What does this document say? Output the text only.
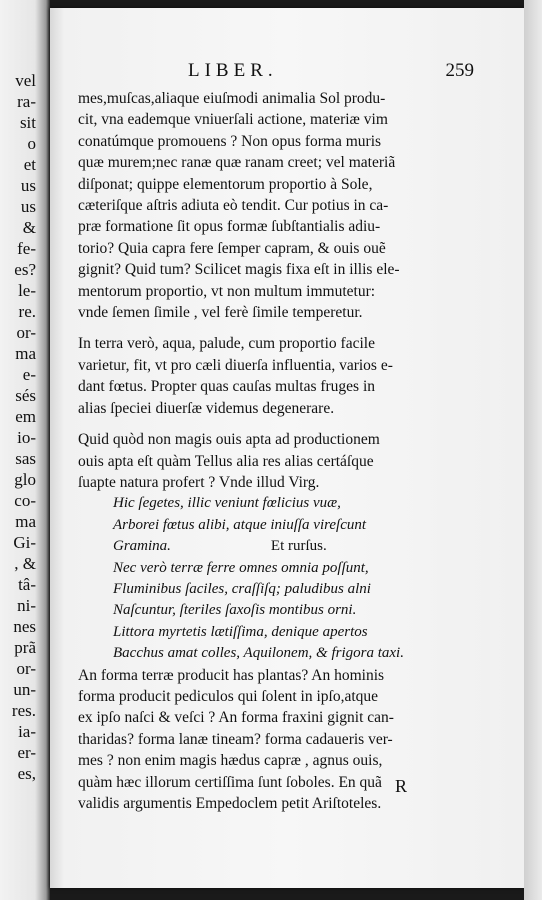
vel
ra-
sit
o
et
us
us
&
fe-
es?
le-
re.
or-
ma
e-
sés
em
io-
sas
glo
co-
ma
Gi-
, &
tâ-
ni-
nes
prã
or-
un-
res.
ia-
er-
es,
LIBER.	259
mes,muſcas,aliaque eiuſmodi animalia Sol produ-
cit, vna eademque vniuerſali actione, materiæ vim
conatúmque promouens ? Non opus forma muris
quæ murem;nec ranæ quæ ranam creet; vel materiã
diſponat; quippe elementorum proportio à Sole,
cæteriſque aſtris adiuta eò tendit. Cur potius in ca-
præ formatione ſit opus formæ ſubſtantialis adiu-
torio? Quia capra fere ſemper capram, & ouis ouẽ
gignit? Quid tum? Scilicet magis fixa eſt in illis ele-
mentorum proportio, vt non multum immutetur:
vnde ſemen ſimile , vel ferè ſimile temperetur.
In terra verò, aqua, palude, cum proportio facile
varietur, fit, vt pro cæli diuerſa influentia, varios e-
dant fœtus. Propter quas cauſas multas fruges in
alias ſpeciei diuerſæ videmus degenerare.
Quid quòd non magis ouis apta ad productionem
ouis apta eſt quàm Tellus alia res alias certáſque
ſuapte natura profert ? Vnde illud Virg.
Hic ſegetes, illic veniunt fœlicius vuæ,
Arborei fœtus alibi, atque iniuſſa vireſcunt
Gramina.	Et rurſus.
Nec verò terræ ferre omnes omnia poſſunt,
Fluminibus ſaciles, craſſiſq; paludibus alni
Naſcuntur, ſteriles ſaxoſis montibus orni.
Littora myrtetis lætiſſima, denique apertos
Bacchus amat colles, Aquilonem, & frigora taxi.
An forma terræ producit has plantas? An hominis
forma producit pediculos qui ſolent in ipſo,atque
ex ipſo naſci & veſci ? An forma fraxini gignit can-
tharidas? forma lanæ tineam? forma cadaueris ver-
mes ? non enim magis hædus capræ , agnus ouis,
quàm hæc illorum certiſſima ſunt ſoboles. En quã
validis argumentis Empedoclem petit Ariſtoteles.
R
